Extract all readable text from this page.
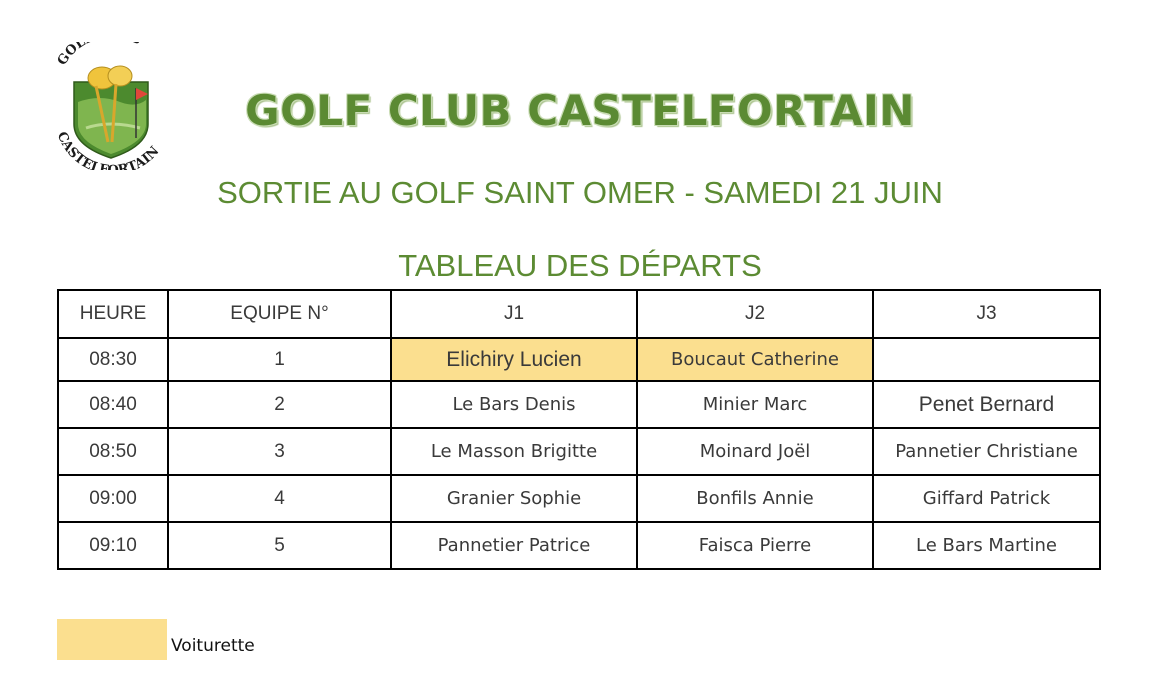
GOL
CASTELF RTAIN
GOLF CLUB CASTELFORTAIN
SORTIE AU GOLF SAINT OMER - SAMEDI 21 JUIN
TABLEAU DES DÉPARTS
HEURE	EQUIPE N°	J1	J2	J3
08:30	1	Elichiry Lucien	Boucaut Catherine	
08:40	2	Le Bars Denis	Minier Marc	Penet Bernard
08:50	3	Le Masson Brigitte	Moinard Joël	Pannetier Christiane
09:00	4	Granier Sophie	Bonfils Annie	Giffard Patrick
09:10	5	Pannetier Patrice	Faisca Pierre	Le Bars Martine
Voiturette
